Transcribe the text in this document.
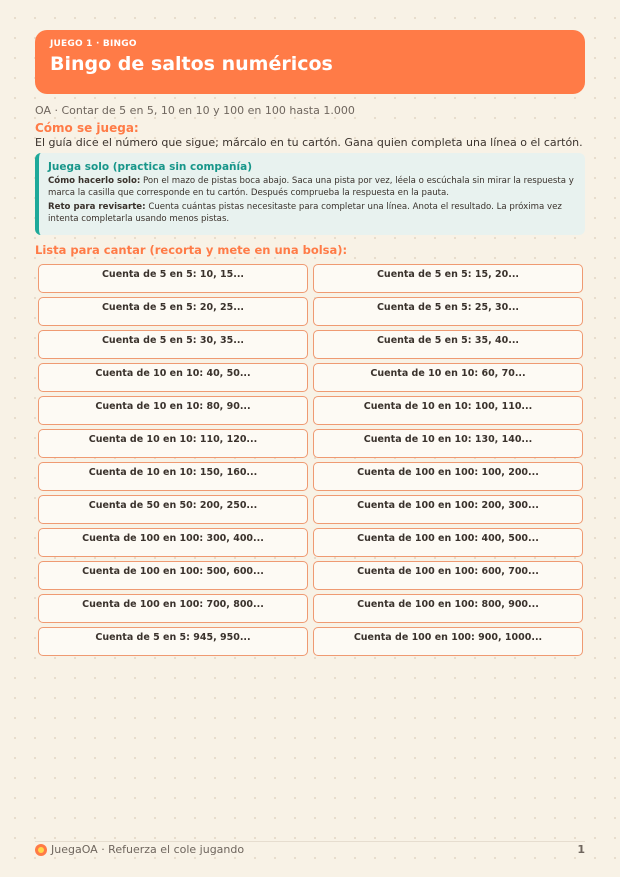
JUEGO 1 · BINGO
Bingo de saltos numéricos
OA · Contar de 5 en 5, 10 en 10 y 100 en 100 hasta 1.000
Cómo se juega:
El guía dice el número que sigue; márcalo en tu cartón. Gana quien completa una línea o el cartón.
Juega solo (practica sin compañía)

Cómo hacerlo solo: Pon el mazo de pistas boca abajo. Saca una pista por vez, léela o escúchala sin mirar la respuesta y marca la casilla que corresponde en tu cartón. Después comprueba la respuesta en la pauta.

Reto para revisarte: Cuenta cuántas pistas necesitaste para completar una línea. Anota el resultado. La próxima vez intenta completarla usando menos pistas.

Lista para cantar (recorta y mete en una bolsa):
Cuenta de 5 en 5: 10, 15...	Cuenta de 5 en 5: 15, 20...
Cuenta de 5 en 5: 20, 25...	Cuenta de 5 en 5: 25, 30...
Cuenta de 5 en 5: 30, 35...	Cuenta de 5 en 5: 35, 40...
Cuenta de 10 en 10: 40, 50...	Cuenta de 10 en 10: 60, 70...
Cuenta de 10 en 10: 80, 90...	Cuenta de 10 en 10: 100, 110...
Cuenta de 10 en 10: 110, 120...	Cuenta de 10 en 10: 130, 140...
Cuenta de 10 en 10: 150, 160...	Cuenta de 100 en 100: 100, 200...
Cuenta de 50 en 50: 200, 250...	Cuenta de 100 en 100: 200, 300...
Cuenta de 100 en 100: 300, 400...	Cuenta de 100 en 100: 400, 500...
Cuenta de 100 en 100: 500, 600...	Cuenta de 100 en 100: 600, 700...
Cuenta de 100 en 100: 700, 800...	Cuenta de 100 en 100: 800, 900...
Cuenta de 5 en 5: 945, 950...	Cuenta de 100 en 100: 900, 1000...
JuegaOA · Refuerza el cole jugando	1
